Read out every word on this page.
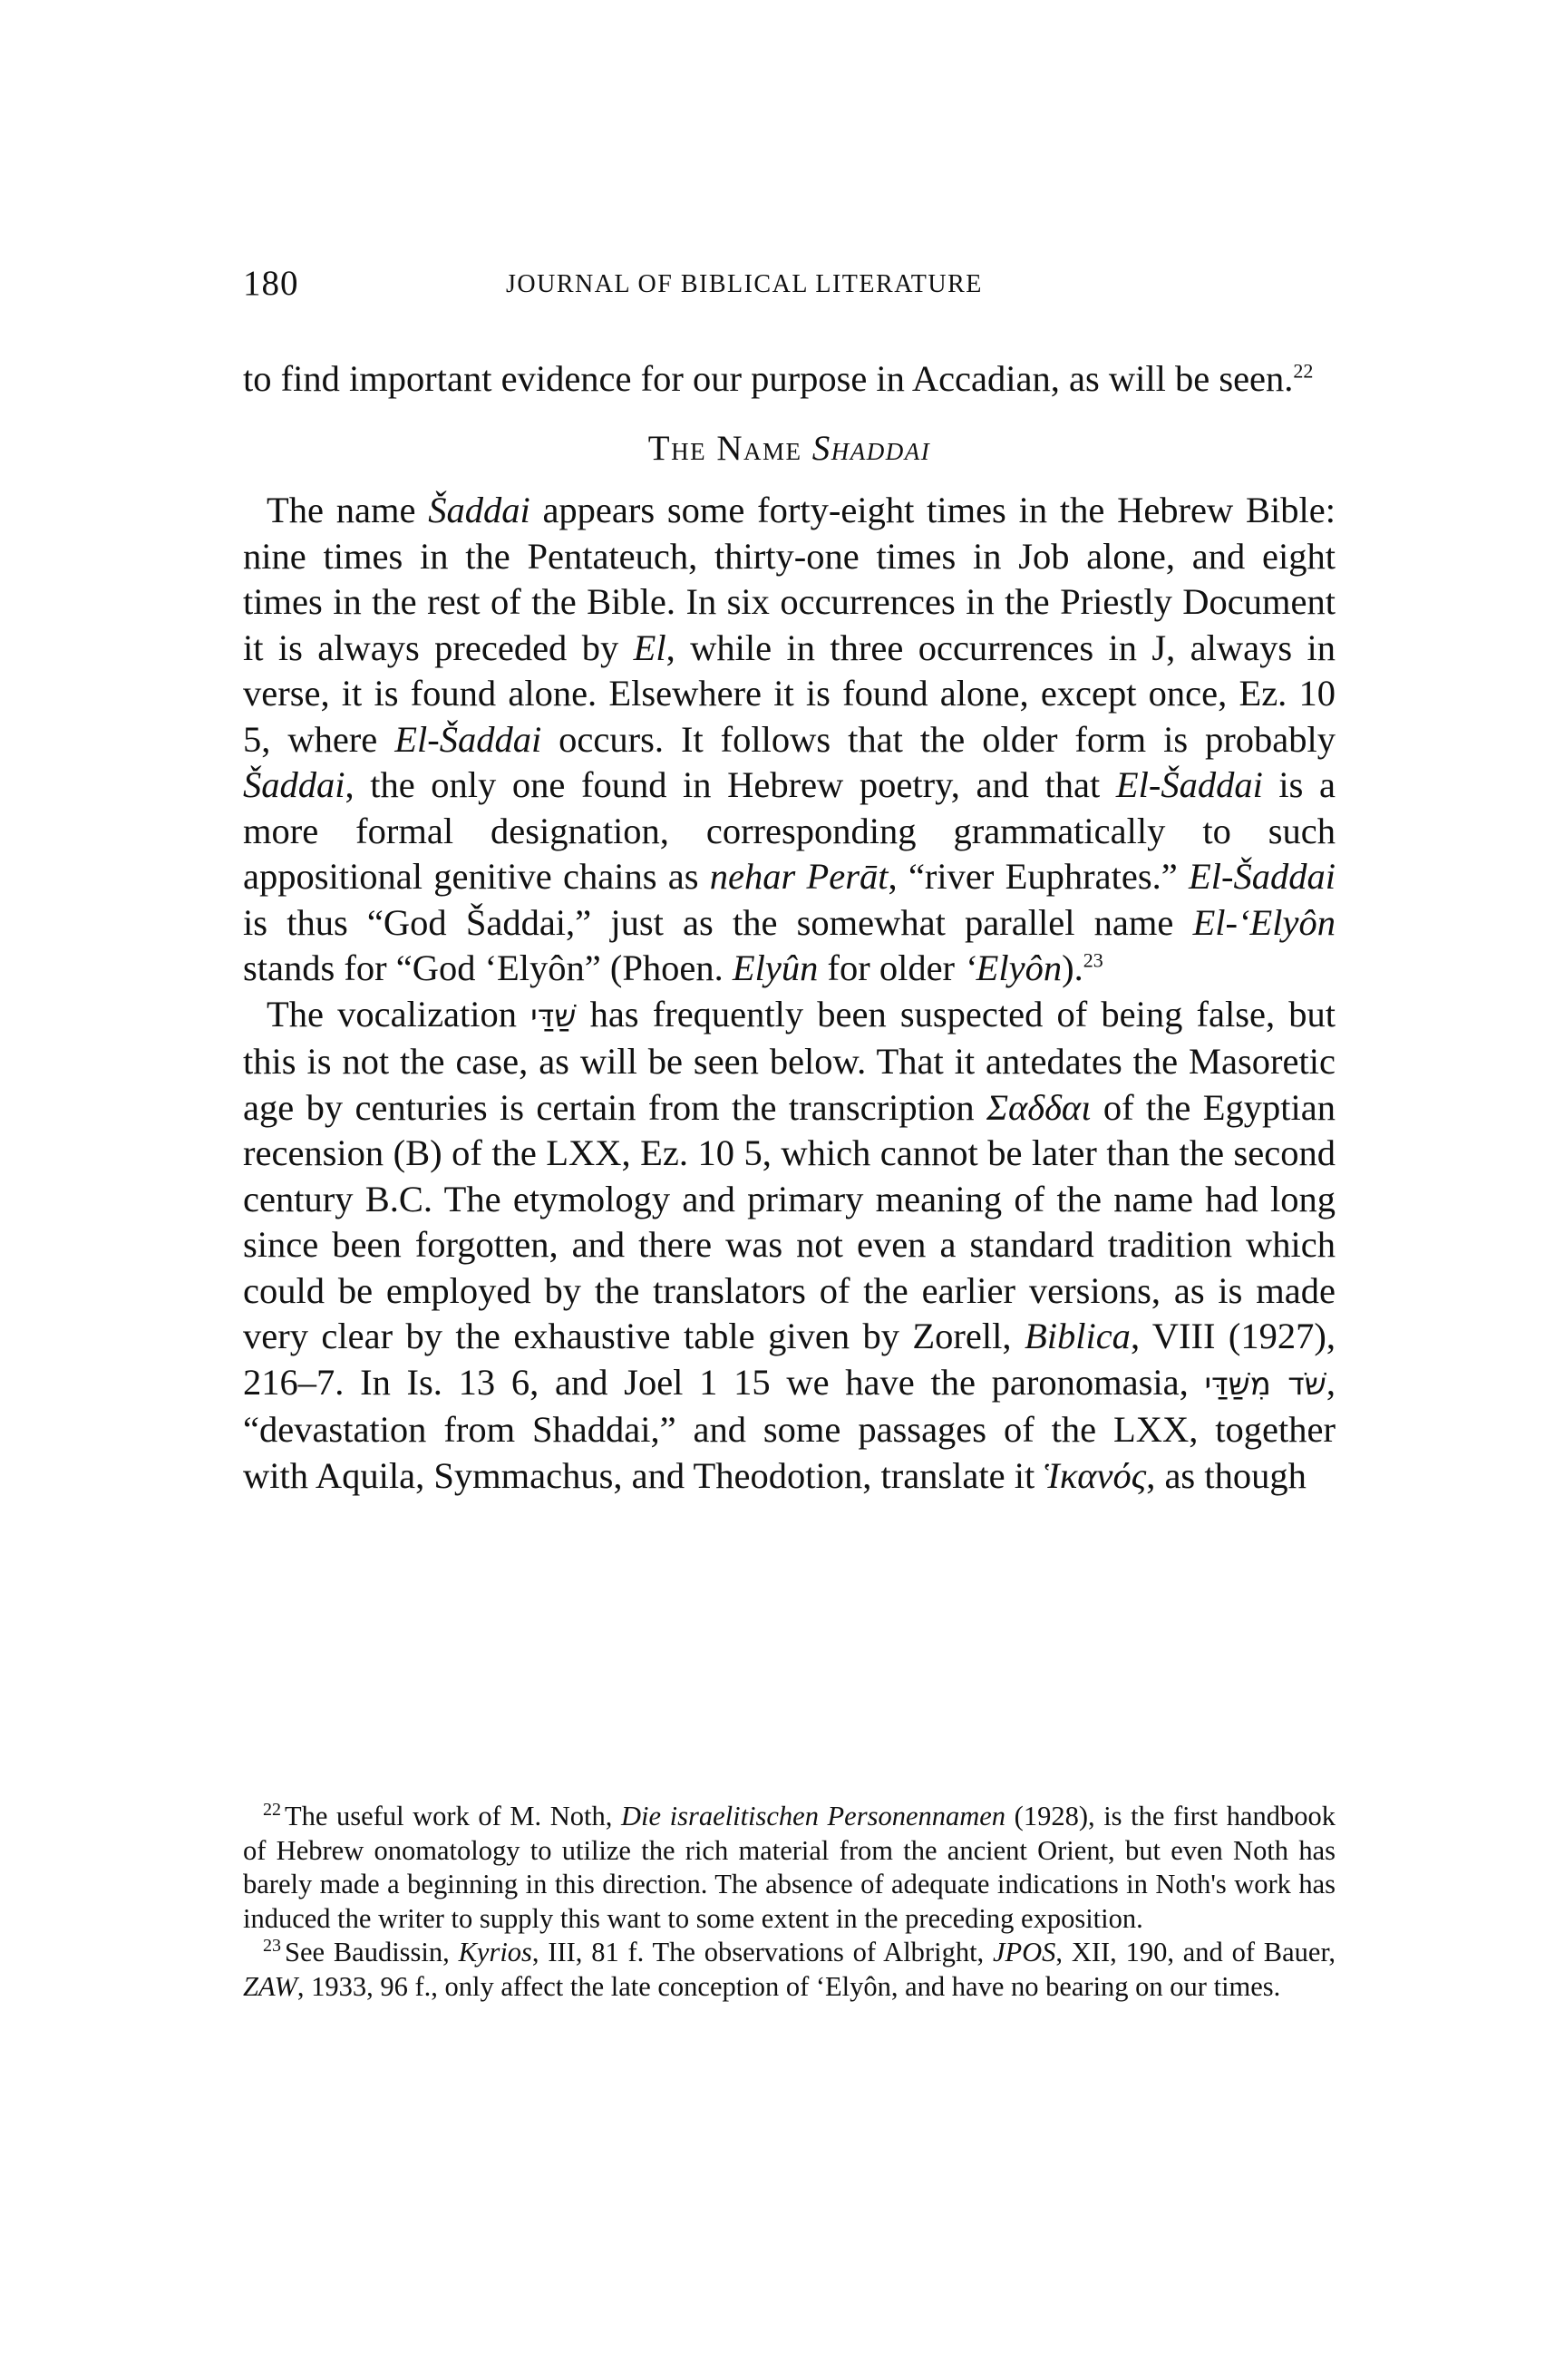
180	JOURNAL OF BIBLICAL LITERATURE

to find important evidence for our purpose in Accadian, as will be seen.$^{22}$

The Name Shaddai

The name Šaddai appears some forty-eight times in the Hebrew Bible: nine times in the Pentateuch, thirty-one times in Job alone, and eight times in the rest of the Bible. In six occurrences in the Priestly Document it is always preceded by El, while in three occurrences in J, always in verse, it is found alone. Elsewhere it is found alone, except once, Ez. 10 5, where El-Šaddai occurs. It follows that the older form is probably Šaddai, the only one found in Hebrew poetry, and that El-Šaddai is a more formal designation, corresponding grammatically to such appositional genitive chains as nehar Perāt, “river Euphrates.” El-Šaddai is thus “God Šaddai,” just as the somewhat parallel name El-‘Elyôn stands for “God ‘Elyôn” (Phoen. Elyûn for older ‘Elyôn).$^{23}$

The vocalization שַׁדַּי has frequently been suspected of being false, but this is not the case, as will be seen below. That it antedates the Masoretic age by centuries is certain from the transcription Σαδδαι of the Egyptian recension (B) of the LXX, Ez. 10 5, which cannot be later than the second century B.C. The etymology and primary meaning of the name had long since been forgotten, and there was not even a standard tradition which could be employed by the translators of the earlier versions, as is made very clear by the exhaustive table given by Zorell, Biblica, VIII (1927), 216–7. In Is. 13 6, and Joel 1 15 we have the paronomasia, שֹׁד מִשַּׁדַּי, “devastation from Shaddai,” and some passages of the LXX, together with Aquila, Symmachus, and Theodotion, translate it Ἱκανός, as though

$^{22}$ The useful work of M. Noth, Die israelitischen Personennamen (1928), is the first handbook of Hebrew onomatology to utilize the rich material from the ancient Orient, but even Noth has barely made a beginning in this direction. The absence of adequate indications in Noth's work has induced the writer to supply this want to some extent in the preceding exposition.

$^{23}$ See Baudissin, Kyrios, III, 81 f. The observations of Albright, JPOS, XII, 190, and of Bauer, ZAW, 1933, 96 f., only affect the late conception of ‘Elyôn, and have no bearing on our times.
